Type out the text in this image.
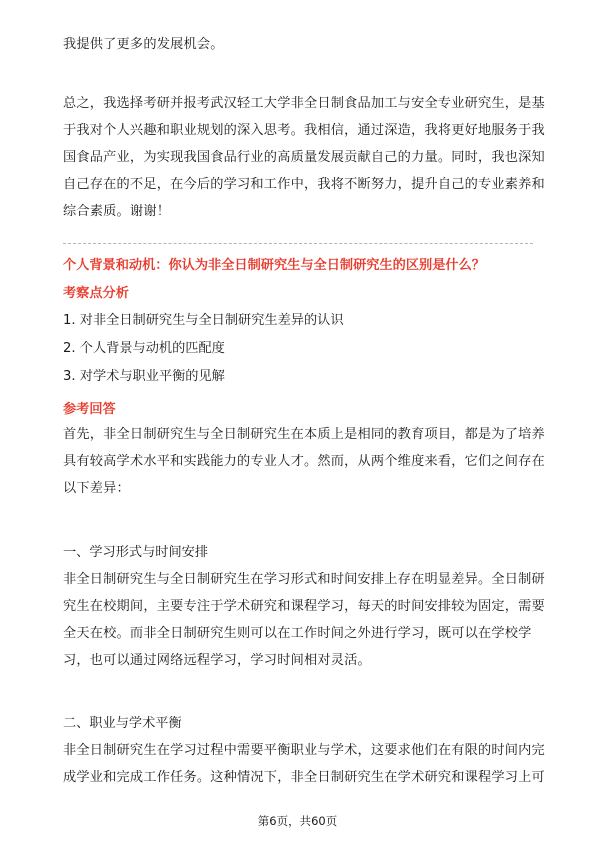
我提供了更多的发展机会。

总之，我选择考研并报考武汉轻工大学非全日制食品加工与安全专业研究生，是基
于我对个人兴趣和职业规划的深入思考。我相信，通过深造，我将更好地服务于我
国食品产业，为实现我国食品行业的高质量发展贡献自己的力量。同时，我也深知
自己存在的不足，在今后的学习和工作中，我将不断努力，提升自己的专业素养和
综合素质。谢谢！

个人背景和动机：你认为非全日制研究生与全日制研究生的区别是什么？
考察点分析
1. 对非全日制研究生与全日制研究生差异的认识
2. 个人背景与动机的匹配度
3. 对学术与职业平衡的见解
参考回答

首先，非全日制研究生与全日制研究生在本质上是相同的教育项目，都是为了培养
具有较高学术水平和实践能力的专业人才。然而，从两个维度来看，它们之间存在
以下差异：

一、学习形式与时间安排

非全日制研究生与全日制研究生在学习形式和时间安排上存在明显差异。全日制研
究生在校期间，主要专注于学术研究和课程学习，每天的时间安排较为固定，需要
全天在校。而非全日制研究生则可以在工作时间之外进行学习，既可以在学校学
习，也可以通过网络远程学习，学习时间相对灵活。

二、职业与学术平衡

非全日制研究生在学习过程中需要平衡职业与学术，这要求他们在有限的时间内完
成学业和完成工作任务。这种情况下，非全日制研究生在学术研究和课程学习上可

第6页，共60页
